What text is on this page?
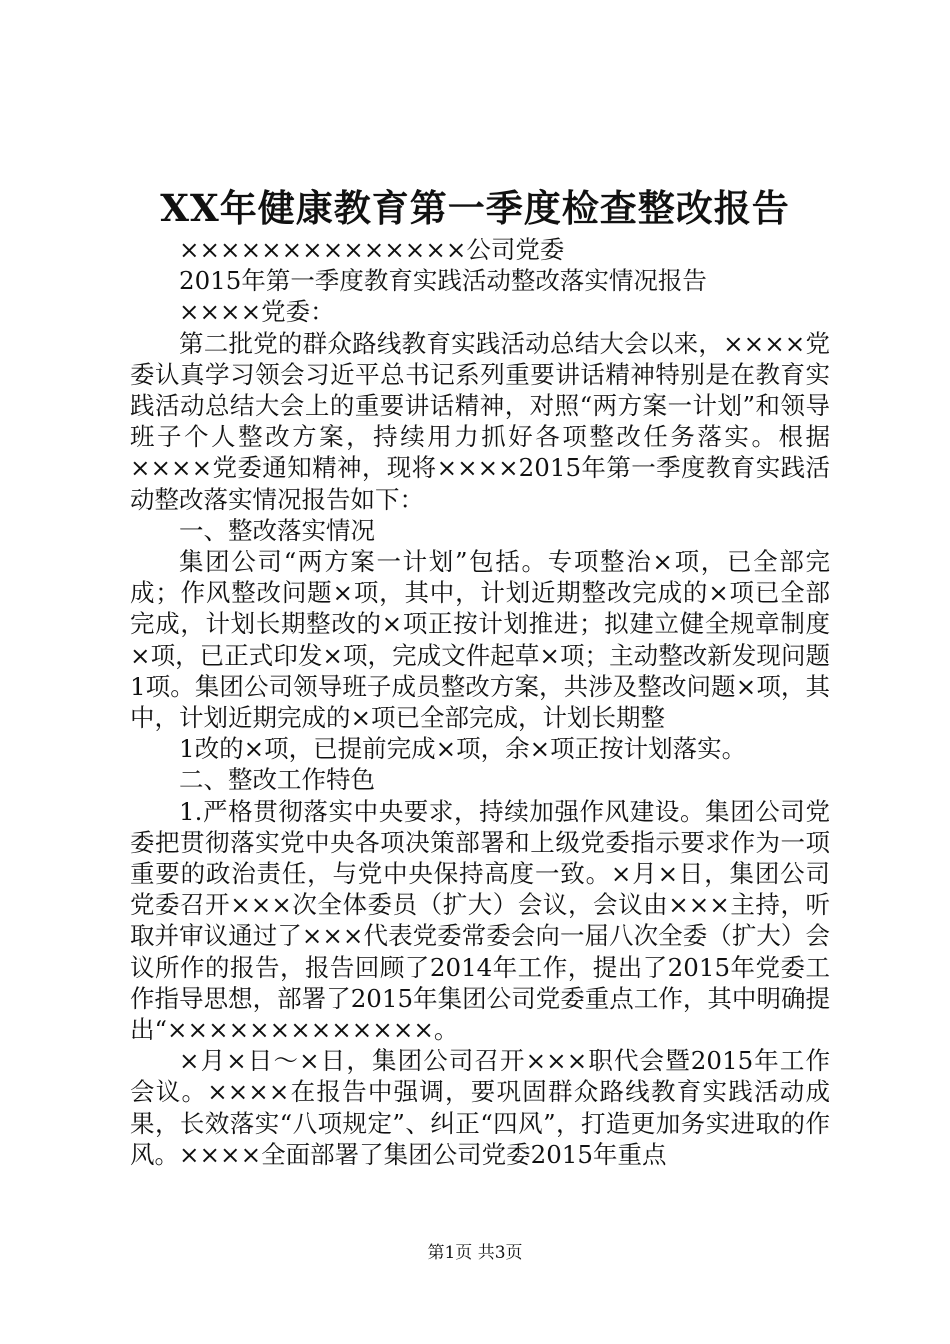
XX年健康教育第一季度检查整改报告

××××××××××××××公司党委

2015年第一季度教育实践活动整改落实情况报告

××××党委：

第二批党的群众路线教育实践活动总结大会以来，××××党委认真学习领会习近平总书记系列重要讲话精神特别是在教育实践活动总结大会上的重要讲话精神，对照“两方案一计划”和领导班子个人整改方案，持续用力抓好各项整改任务落实。根据××××党委通知精神，现将××××2015年第一季度教育实践活动整改落实情况报告如下：

一、整改落实情况

集团公司“两方案一计划”包括。专项整治×项，已全部完成；作风整改问题×项，其中，计划近期整改完成的×项已全部完成，计划长期整改的×项正按计划推进；拟建立健全规章制度×项，已正式印发×项，完成文件起草×项；主动整改新发现问题1项。集团公司领导班子成员整改方案，共涉及整改问题×项，其中，计划近期完成的×项已全部完成，计划长期整

1改的×项，已提前完成×项，余×项正按计划落实。

二、整改工作特色

1.严格贯彻落实中央要求，持续加强作风建设。集团公司党委把贯彻落实党中央各项决策部署和上级党委指示要求作为一项重要的政治责任，与党中央保持高度一致。×月×日，集团公司党委召开×××次全体委员（扩大）会议，会议由×××主持，听取并审议通过了×××代表党委常委会向一届八次全委（扩大）会议所作的报告，报告回顾了2014年工作，提出了2015年党委工作指导思想，部署了2015年集团公司党委重点工作，其中明确提出“×××××××××××××。

×月×日～×日，集团公司召开×××职代会暨2015年工作会议。××××在报告中强调，要巩固群众路线教育实践活动成果，长效落实“八项规定”、纠正“四风”，打造更加务实进取的作风。××××全面部署了集团公司党委2015年重点

第1页 共3页
